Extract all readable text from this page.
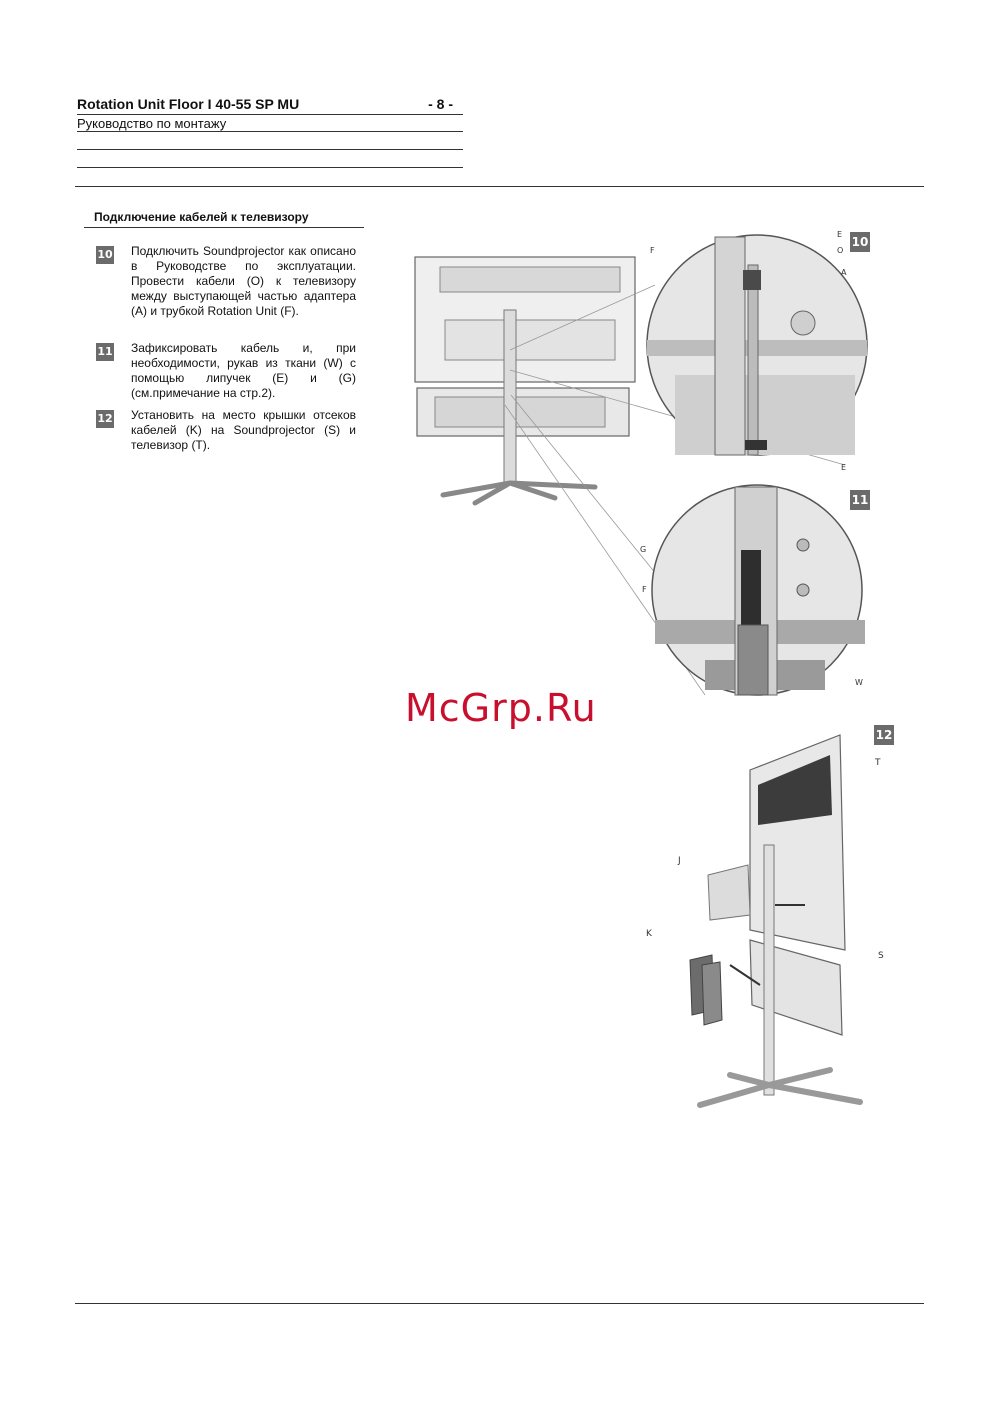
Rotation Unit Floor I 40-55 SP MU	- 8 -
Руководство по монтажу
Подключение кабелей к телевизору
10 Подключить Soundprojector как описано в Руководстве по эксплуатации. Провести кабели (O) к телевизору между выступающей частью адаптера (A) и трубкой Rotation Unit (F).
11 Зафиксировать кабель и, при необходимости, рукав из ткани (W) с помощью липучек (E) и (G) (см.примечание на стр.2).
12 Установить на место крышки отсеков кабелей (K) на Soundprojector (S) и телевизор (T).
F
E
O
A
E
G
F
W
10
11
T
J
K
S
12
McGrp.Ru
